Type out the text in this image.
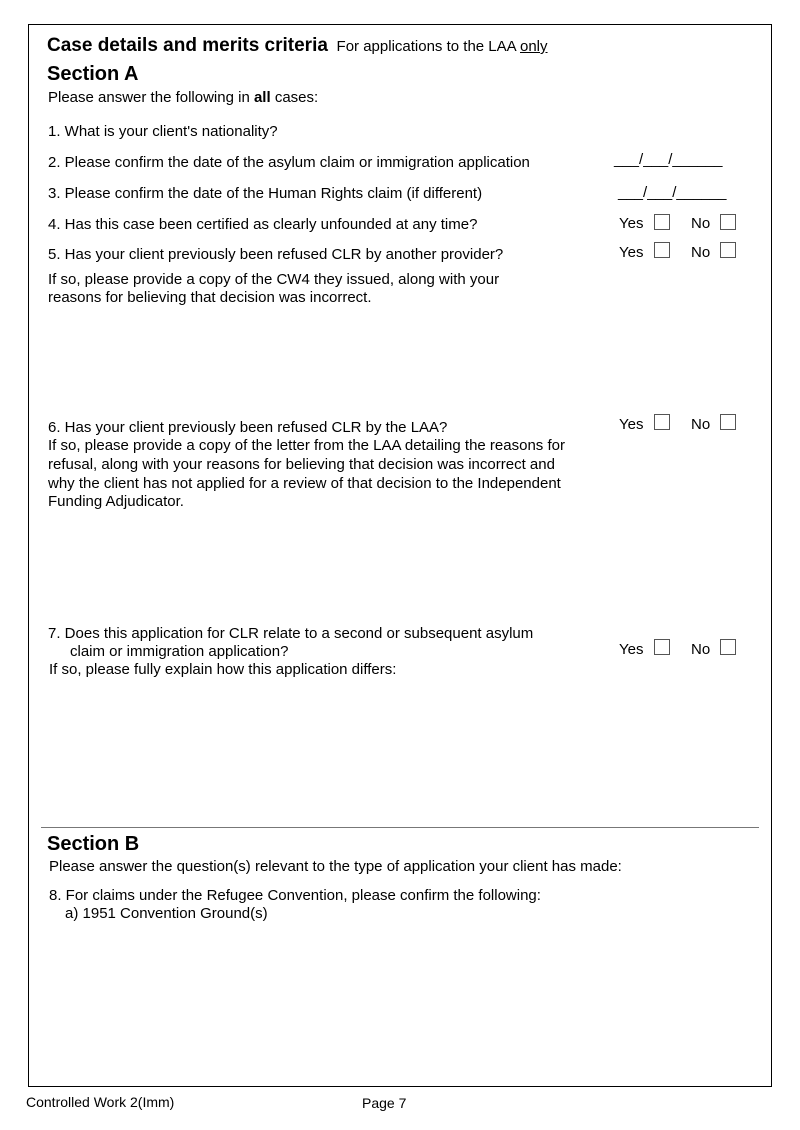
Case details and merits criteria For applications to the LAA only
Section A
Please answer the following in all cases:
1. What is your client's nationality?
2. Please confirm the date of the asylum claim or immigration application	___/___/______
3. Please confirm the date of the Human Rights claim (if different)	___/___/______
4. Has this case been certified as clearly unfounded at any time?	Yes	No
5. Has your client previously been refused CLR by another provider?	Yes	No
If so, please provide a copy of the CW4 they issued, along with your
reasons for believing that decision was incorrect.
6. Has your client previously been refused CLR by the LAA?	Yes	No
If so, please provide a copy of the letter from the LAA detailing the reasons for
refusal, along with your reasons for believing that decision was incorrect and
why the client has not applied for a review of that decision to the Independent
Funding Adjudicator.
7. Does this application for CLR relate to a second or subsequent asylum
claim or immigration application?	Yes	No
If so, please fully explain how this application differs:
Section B
Please answer the question(s) relevant to the type of application your client has made:
8. For claims under the Refugee Convention, please confirm the following:
a) 1951 Convention Ground(s)
Controlled Work 2(Imm)	Page 7
